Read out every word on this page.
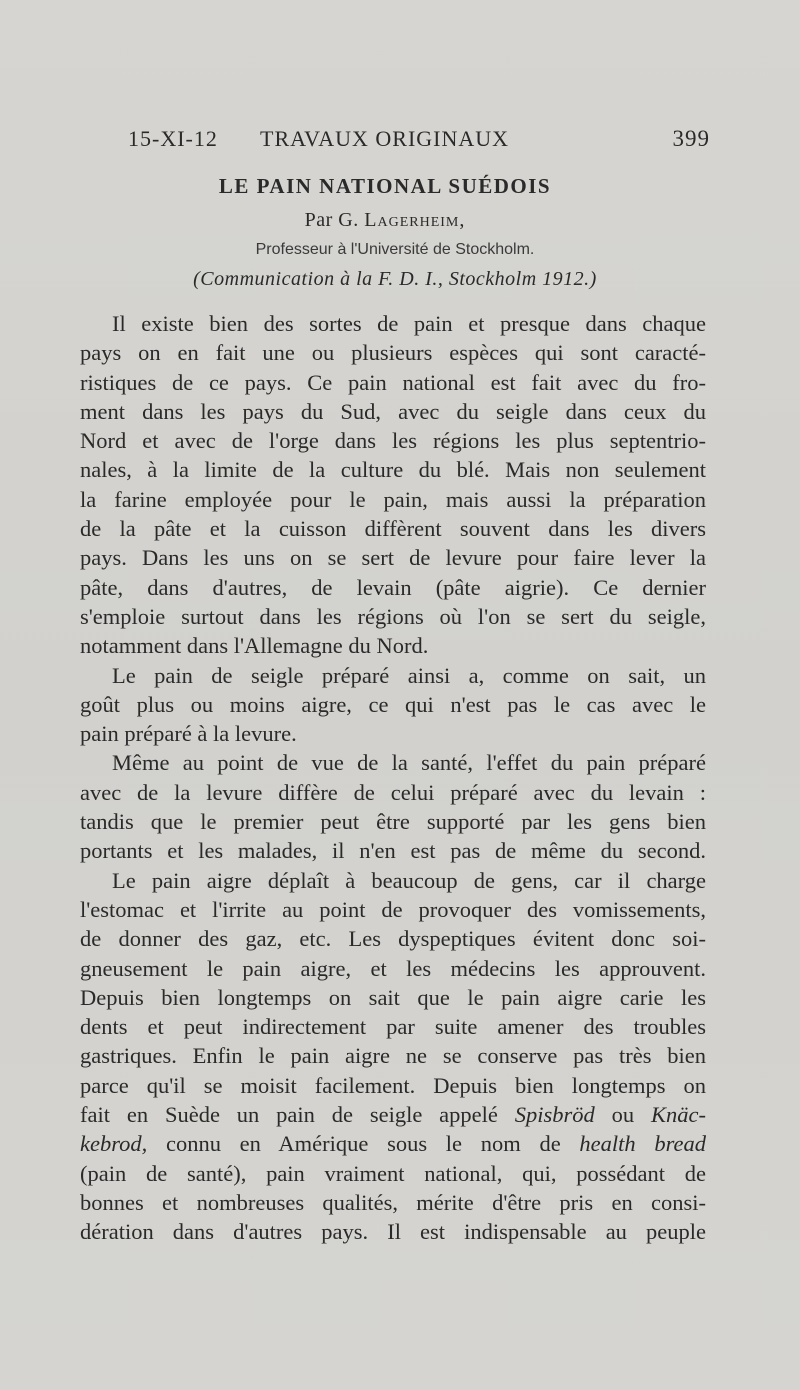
15-XI-12 TRAVAUX ORIGINAUX	399
LE PAIN NATIONAL SUÉDOIS
Par G. Lagerheim,
Professeur à l'Université de Stockholm.
(Communication à la F. D. I., Stockholm 1912.)

Il existe bien des sortes de pain et presque dans chaque
pays on en fait une ou plusieurs espèces qui sont caracté-
ristiques de ce pays. Ce pain national est fait avec du fro-
ment dans les pays du Sud, avec du seigle dans ceux du
Nord et avec de l'orge dans les régions les plus septentrio-
nales, à la limite de la culture du blé. Mais non seulement
la farine employée pour le pain, mais aussi la préparation
de la pâte et la cuisson diffèrent souvent dans les divers
pays. Dans les uns on se sert de levure pour faire lever la
pâte, dans d'autres, de levain (pâte aigrie). Ce dernier
s'emploie surtout dans les régions où l'on se sert du seigle,
notamment dans l'Allemagne du Nord.

Le pain de seigle préparé ainsi a, comme on sait, un
goût plus ou moins aigre, ce qui n'est pas le cas avec le
pain préparé à la levure.

Même au point de vue de la santé, l'effet du pain préparé
avec de la levure diffère de celui préparé avec du levain :
tandis que le premier peut être supporté par les gens bien
portants et les malades, il n'en est pas de même du second.

Le pain aigre déplaît à beaucoup de gens, car il charge
l'estomac et l'irrite au point de provoquer des vomissements,
de donner des gaz, etc. Les dyspeptiques évitent donc soi-
gneusement le pain aigre, et les médecins les approuvent.
Depuis bien longtemps on sait que le pain aigre carie les
dents et peut indirectement par suite amener des troubles
gastriques. Enfin le pain aigre ne se conserve pas très bien
parce qu'il se moisit facilement. Depuis bien longtemps on
fait en Suède un pain de seigle appelé Spisbröd ou Knäc-
kebrod, connu en Amérique sous le nom de health bread
(pain de santé), pain vraiment national, qui, possédant de
bonnes et nombreuses qualités, mérite d'être pris en consi-
dération dans d'autres pays. Il est indispensable au peuple
